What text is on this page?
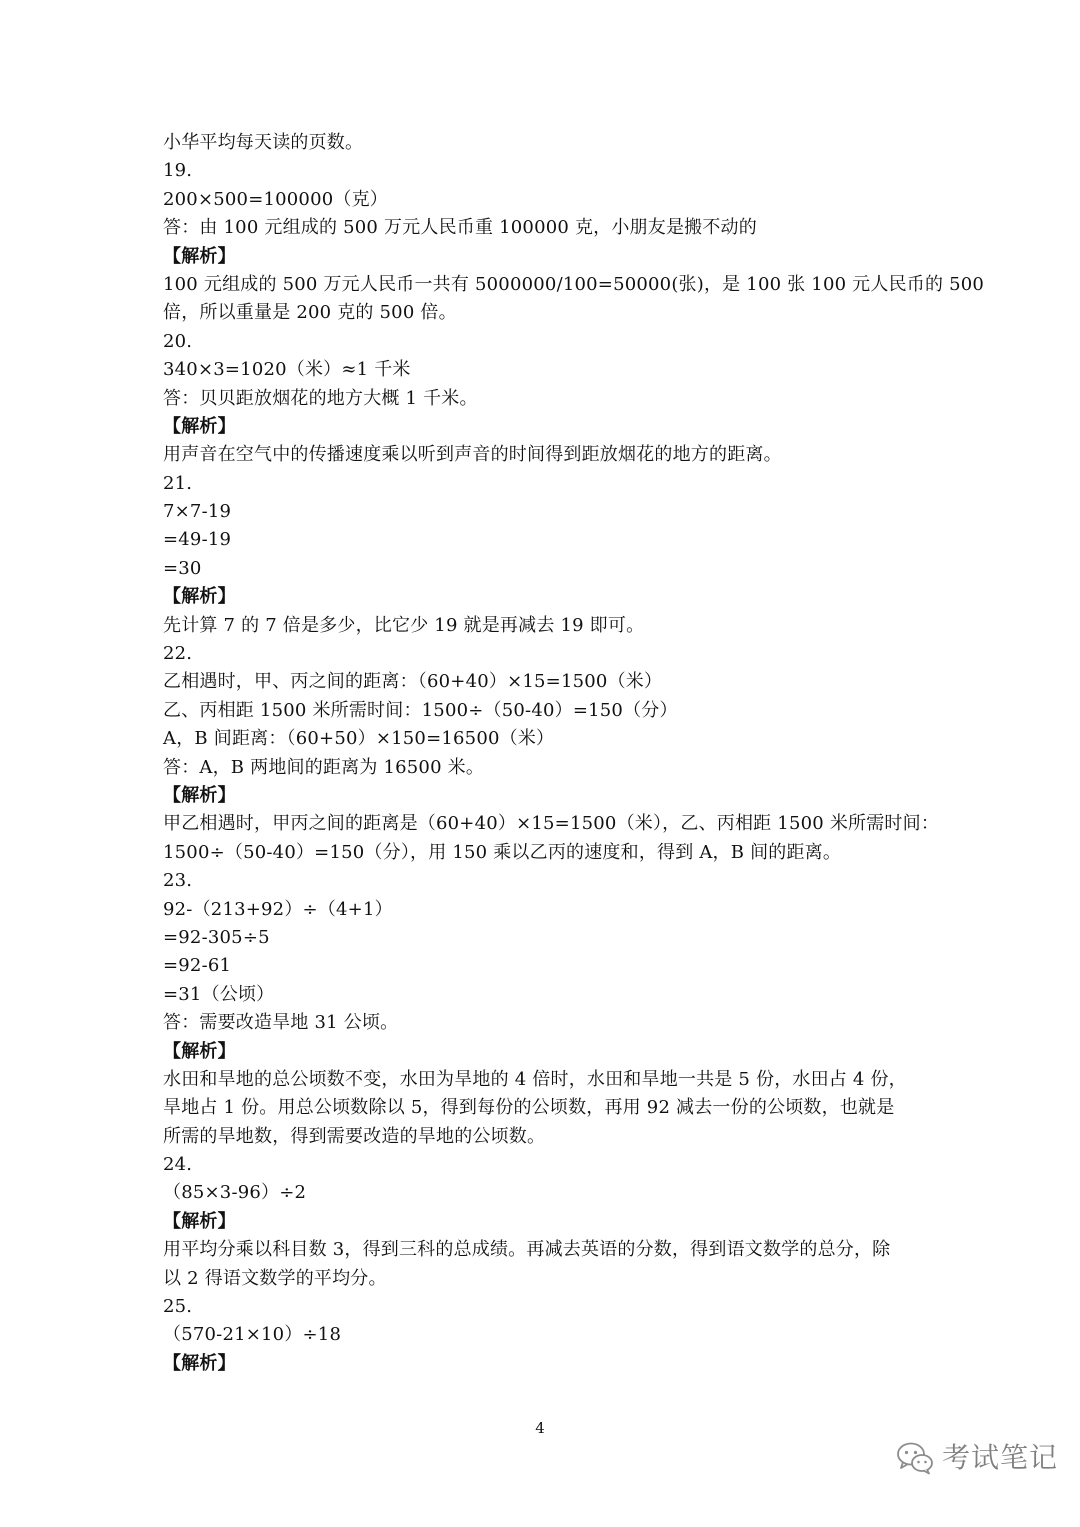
小华平均每天读的页数。
19.
200×500=100000（克）
答：由 100 元组成的 500 万元人民币重 100000 克，小朋友是搬不动的
【解析】
100 元组成的 500 万元人民币一共有 5000000/100=50000(张)，是 100 张 100 元人民币的 500
倍，所以重量是 200 克的 500 倍。
20.
340×3=1020（米）≈1 千米
答：贝贝距放烟花的地方大概 1 千米。
【解析】
用声音在空气中的传播速度乘以听到声音的时间得到距放烟花的地方的距离。
21.
7×7-19
=49-19
=30
【解析】
先计算 7 的 7 倍是多少，比它少 19 就是再减去 19 即可。
22.
乙相遇时，甲、丙之间的距离：（60+40）×15=1500（米）
乙、丙相距 1500 米所需时间：1500÷（50-40）=150（分）
A，B 间距离：（60+50）×150=16500（米）
答：A，B 两地间的距离为 16500 米。
【解析】
甲乙相遇时，甲丙之间的距离是（60+40）×15=1500（米），乙、丙相距 1500 米所需时间：
1500÷（50-40）=150（分），用 150 乘以乙丙的速度和，得到 A，B 间的距离。
23.
92-（213+92）÷（4+1）
=92-305÷5
=92-61
=31（公顷）
答：需要改造旱地 31 公顷。
【解析】
水田和旱地的总公顷数不变，水田为旱地的 4 倍时，水田和旱地一共是 5 份，水田占 4 份，
旱地占 1 份。用总公顷数除以 5，得到每份的公顷数，再用 92 减去一份的公顷数，也就是
所需的旱地数，得到需要改造的旱地的公顷数。
24.
（85×3-96）÷2
【解析】
用平均分乘以科目数 3，得到三科的总成绩。再减去英语的分数，得到语文数学的总分，除
以 2 得语文数学的平均分。
25.
（570-21×10）÷18
【解析】
4
考试笔记
